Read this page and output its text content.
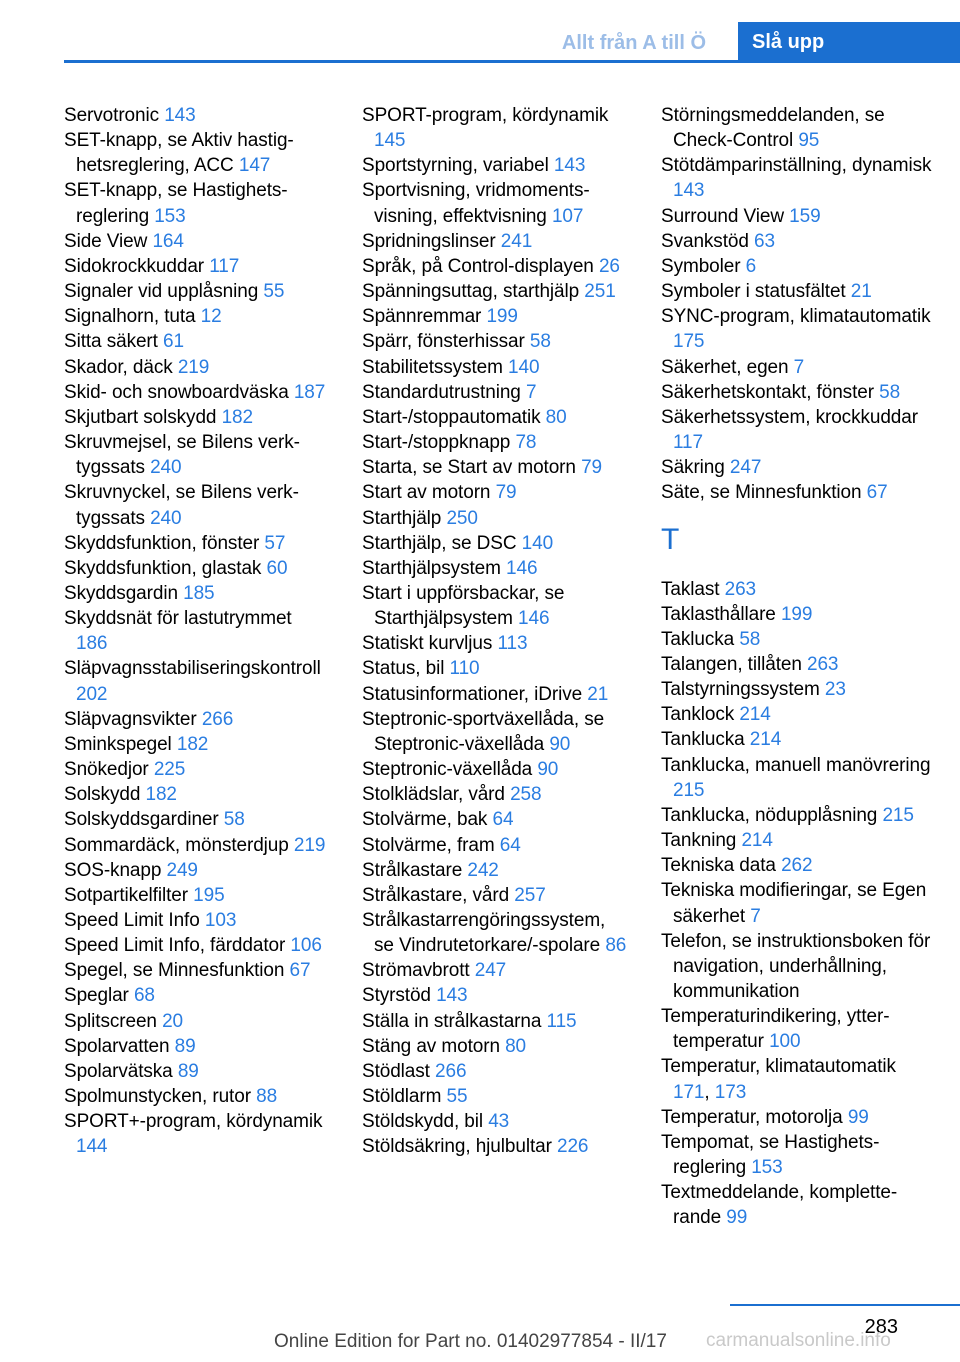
Allt från A till Ö	Slå upp
Servotronic 143
SET-knapp, se Aktiv hastighetsreglering, ACC 147
SET-knapp, se Hastighetsreglering 153
Side View 164
Sidokrockkuddar 117
Signaler vid upplåsning 55
Signalhorn, tuta 12
Sitta säkert 61
Skador, däck 219
Skid- och snowboardväska 187
Skjutbart solskydd 182
Skruvmejsel, se Bilens verktygssats 240
Skruvnyckel, se Bilens verktygssats 240
Skyddsfunktion, fönster 57
Skyddsfunktion, glastak 60
Skyddsgardin 185
Skyddsnät för lastutrymmet 186
Släpvagnsstabiliseringskontroll 202
Släpvagnsvikter 266
Sminkspegel 182
Snökedjor 225
Solskydd 182
Solskyddsgardiner 58
Sommardäck, mönsterdjup 219
SOS-knapp 249
Sotpartikelfilter 195
Speed Limit Info 103
Speed Limit Info, färddator 106
Spegel, se Minnesfunktion 67
Speglar 68
Splitscreen 20
Spolarvatten 89
Spolarvätska 89
Spolmunstycken, rutor 88
SPORT+-program, kördynamik 144
SPORT-program, kördynamik 145
Sportstyrning, variabel 143
Sportvisning, vridmomentsvisning, effektvisning 107
Spridningslinser 241
Språk, på Control-displayen 26
Spänningsuttag, starthjälp 251
Spännremmar 199
Spärr, fönsterhissar 58
Stabilitetssystem 140
Standardutrustning 7
Start-/stoppautomatik 80
Start-/stoppknapp 78
Starta, se Start av motorn 79
Start av motorn 79
Starthjälp 250
Starthjälp, se DSC 140
Starthjälpsystem 146
Start i uppförsbackar, se Starthjälpsystem 146
Statiskt kurvljus 113
Status, bil 110
Statusinformationer, iDrive 21
Steptronic-sportväxellåda, se Steptronic-växellåda 90
Steptronic-växellåda 90
Stolklädslar, vård 258
Stolvärme, bak 64
Stolvärme, fram 64
Strålkastare 242
Strålkastare, vård 257
Strålkastarrengöringssystem, se Vindrutetorkare/-spolare 86
Strömavbrott 247
Styrstöd 143
Ställa in strålkastarna 115
Stäng av motorn 80
Stödlast 266
Stöldlarm 55
Stöldskydd, bil 43
Stöldsäkring, hjulbultar 226
Störningsmeddelanden, se Check-Control 95
Stötdämparinställning, dynamisk 143
Surround View 159
Svankstöd 63
Symboler 6
Symboler i statusfältet 21
SYNC-program, klimatautomatik 175
Säkerhet, egen 7
Säkerhetskontakt, fönster 58
Säkerhetssystem, krockkuddar 117
Säkring 247
Säte, se Minnesfunktion 67
T
Taklast 263
Taklasthållare 199
Taklucka 58
Talangen, tillåten 263
Talstyrningssystem 23
Tanklock 214
Tanklucka 214
Tanklucka, manuell manövrering 215
Tanklucka, nödupplåsning 215
Tankning 214
Tekniska data 262
Tekniska modifieringar, se Egen säkerhet 7
Telefon, se instruktionsboken för navigation, underhållning, kommunikation
Temperaturindikering, yttertemperatur 100
Temperatur, klimatautomatik 171, 173
Temperatur, motorolja 99
Tempomat, se Hastighetsreglering 153
Textmeddelande, kompletterande 99
283
Online Edition for Part no. 01402977854 - II/17 carmanualsonline.info
